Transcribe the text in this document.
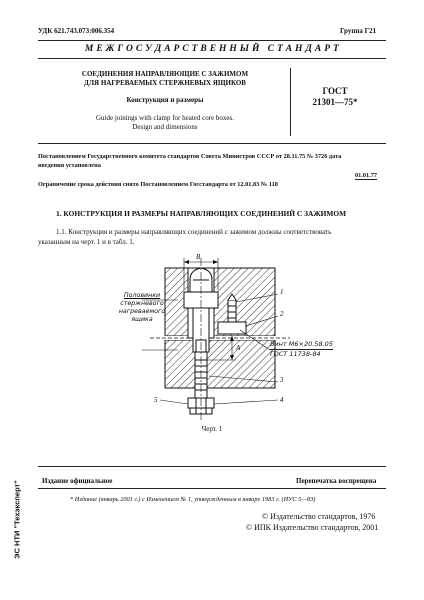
УДК 621.743.073:006.354	Группа Г21
М Е Ж Г О С У Д А Р С Т В Е Н Н Ы Й   С Т А Н Д А Р Т
СОЕДИНЕНИЯ НАПРАВЛЯЮЩИЕ С ЗАЖИМОМ
ДЛЯ НАГРЕВАЕМЫХ СТЕРЖНЕВЫХ ЯЩИКОВ
Конструкция и размеры
Guide joinings with clamp for heated core boxes.
Design and dimensions
ГОСТ
21301—75*
Постановлением Государственного комитета стандартов Совета Министров СССР от 28.11.75 № 3726 дата
введения установлена
01.01.77
Ограничение срока действия снято Постановлением Госстандарта от 12.01.83 № 118
1. КОНСТРУКЦИЯ И РАЗМЕРЫ НАПРАВЛЯЮЩИХ СОЕДИНЕНИЙ С ЗАЖИМОМ
1.1. Конструкция и размеры направляющих соединений с зажимом должны соответствовать
указанным на черт. 1 и в табл. 1.
B
A
Половинки
стержневого
нагреваемого
ящика
Винт М6×20.58.05
ГОСТ 11738-84
1
2
3
4
5
Черт. 1
Издание официальное	Перепечатка воспрещена
* Издание (январь 2001 г.) с Изменением № 1, утвержденным в январе 1983 г. (ИУС 5—83)
© Издательство стандартов, 1976
© ИПК Издательство стандартов, 2001
ЭС НТИ "Техэксперт"
